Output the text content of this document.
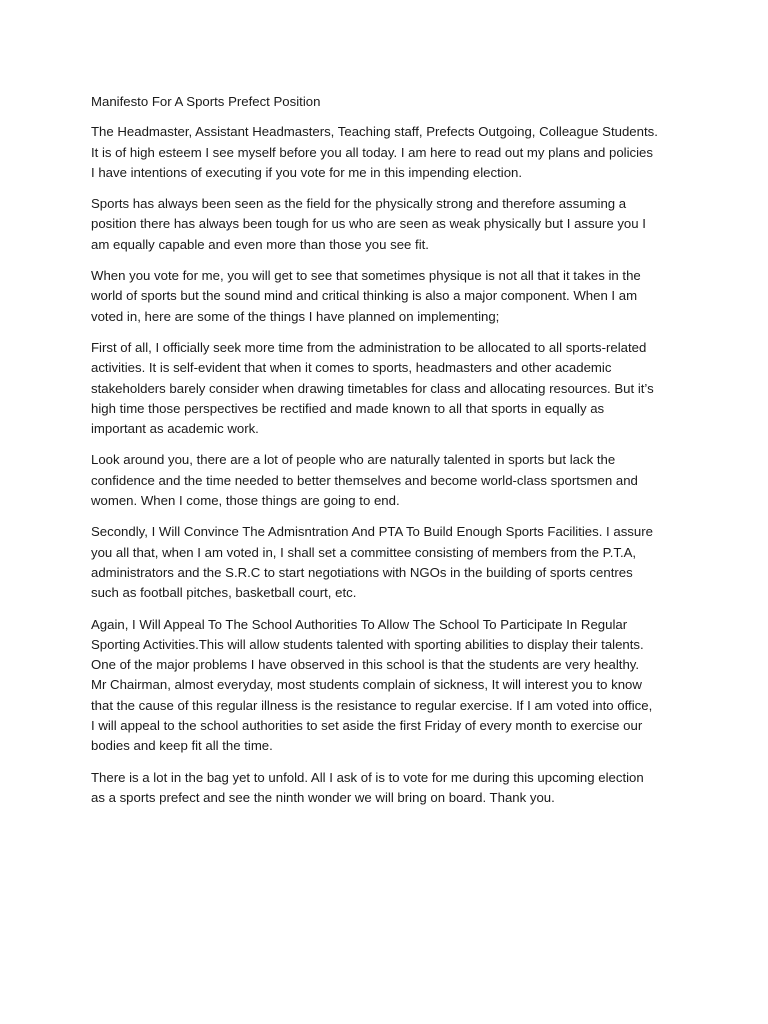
Manifesto For A Sports Prefect Position

The Headmaster, Assistant Headmasters, Teaching staff, Prefects Outgoing, Colleague Students. It is of high esteem I see myself before you all today. I am here to read out my plans and policies I have intentions of executing if you vote for me in this impending election.

Sports has always been seen as the field for the physically strong and therefore assuming a position there has always been tough for us who are seen as weak physically but I assure you I am equally capable and even more than those you see fit.

When you vote for me, you will get to see that sometimes physique is not all that it takes in the world of sports but the sound mind and critical thinking is also a major component. When I am voted in, here are some of the things I have planned on implementing;

First of all, I officially seek more time from the administration to be allocated to all sports-related activities. It is self-evident that when it comes to sports, headmasters and other academic stakeholders barely consider when drawing timetables for class and allocating resources. But it’s high time those perspectives be rectified and made known to all that sports in equally as important as academic work.

Look around you, there are a lot of people who are naturally talented in sports but lack the confidence and the time needed to better themselves and become world-class sportsmen and women. When I come, those things are going to end.

Secondly, I Will Convince The Admisntration And PTA To Build Enough Sports Facilities. I assure you all that, when I am voted in, I shall set a committee consisting of members from the P.T.A, administrators and the S.R.C to start negotiations with NGOs in the building of sports centres such as football pitches, basketball court, etc.

Again, I Will Appeal To The School Authorities To Allow The School To Participate In Regular Sporting Activities.This will allow students talented with sporting abilities to display their talents. One of the major problems I have observed in this school is that the students are very healthy. Mr Chairman, almost everyday, most students complain of sickness, It will interest you to know that the cause of this regular illness is the resistance to regular exercise. If I am voted into office, I will appeal to the school authorities to set aside the first Friday of every month to exercise our bodies and keep fit all the time.

There is a lot in the bag yet to unfold. All I ask of is to vote for me during this upcoming election as a sports prefect and see the ninth wonder we will bring on board. Thank you.
